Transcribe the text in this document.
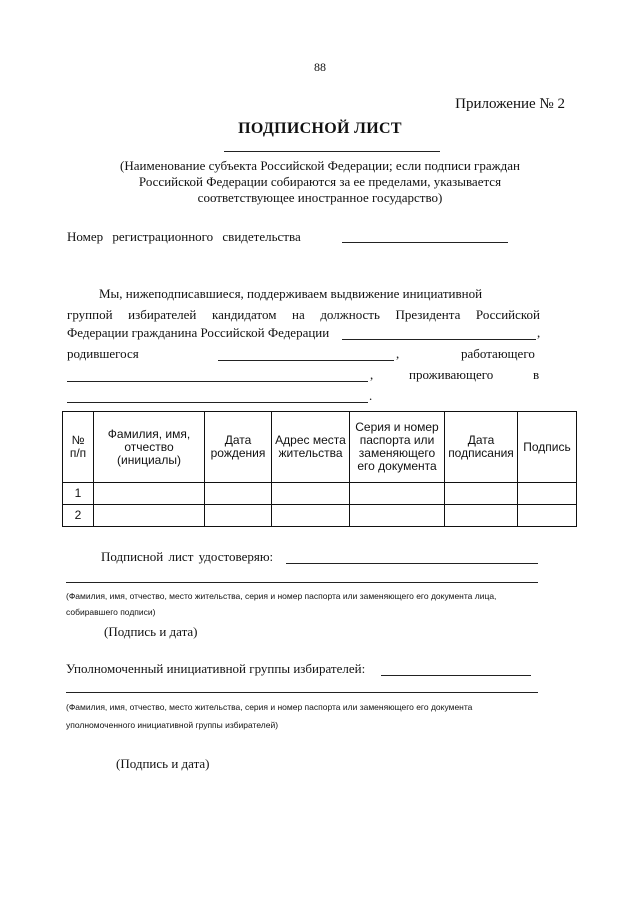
88
Приложение № 2
ПОДПИСНОЙ ЛИСТ
(Наименование субъекта Российской Федерации; если подписи граждан Российской Федерации собираются за ее пределами, указывается соответствующее иностранное государство)
Номер регистрационного свидетельства
Мы, нижеподписавшиеся, поддерживаем выдвижение инициативной
группой избирателей кандидатом на должность Президента Российской
Федерации гражданина Российской Федерации	,
родившегося	,	работающего
,	проживающего	в
.
№ п/п	Фамилия, имя, отчество (инициалы)	Дата рождения	Адрес места жительства	Серия и номер паспорта или заменяющего его документа	Дата подписания	Подпись
1						
2						
Подписной лист удостоверяю:
(Фамилия, имя, отчество, место жительства, серия и номер паспорта или заменяющего его документа лица,
собиравшего подписи)
(Подпись и дата)
Уполномоченный инициативной группы избирателей:
(Фамилия, имя, отчество, место жительства, серия и номер паспорта или заменяющего его документа
уполномоченного инициативной группы избирателей)
(Подпись и дата)
